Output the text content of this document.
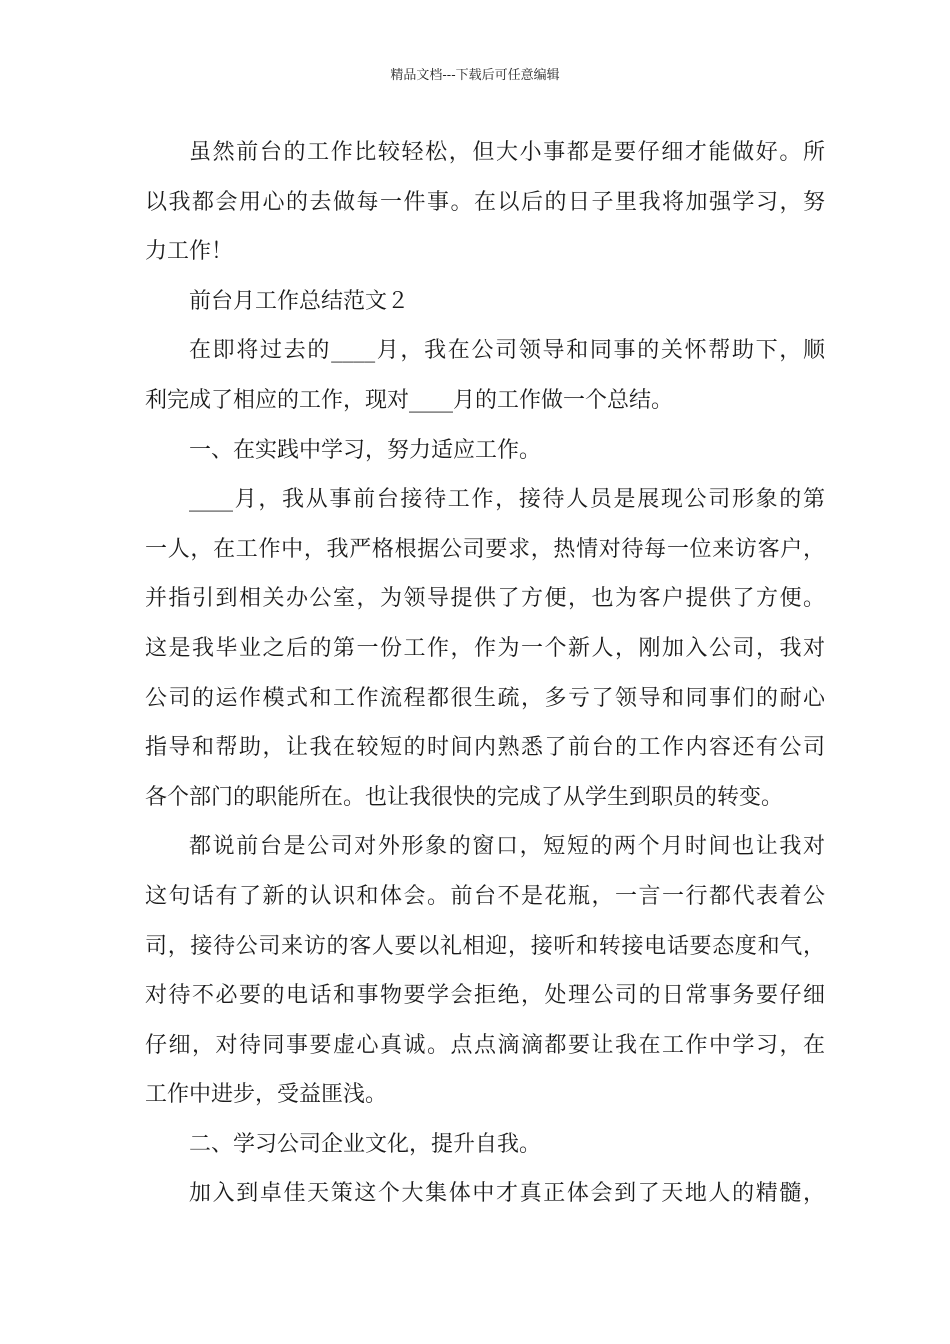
精品文档---下载后可任意编辑
虽然前台的工作比较轻松，但大小事都是要仔细才能做好。所
以我都会用心的去做每一件事。在以后的日子里我将加强学习，努
力工作！
前台月工作总结范文２
在即将过去的____月，我在公司领导和同事的关怀帮助下，顺
利完成了相应的工作，现对____月的工作做一个总结。
一、在实践中学习，努力适应工作。
____月，我从事前台接待工作，接待人员是展现公司形象的第
一人，在工作中，我严格根据公司要求，热情对待每一位来访客户，
并指引到相关办公室，为领导提供了方便，也为客户提供了方便。
这是我毕业之后的第一份工作，作为一个新人，刚加入公司，我对
公司的运作模式和工作流程都很生疏，多亏了领导和同事们的耐心
指导和帮助，让我在较短的时间内熟悉了前台的工作内容还有公司
各个部门的职能所在。也让我很快的完成了从学生到职员的转变。
都说前台是公司对外形象的窗口，短短的两个月时间也让我对
这句话有了新的认识和体会。前台不是花瓶，一言一行都代表着公
司，接待公司来访的客人要以礼相迎，接听和转接电话要态度和气，
对待不必要的电话和事物要学会拒绝，处理公司的日常事务要仔细
仔细，对待同事要虚心真诚。点点滴滴都要让我在工作中学习，在
工作中进步，受益匪浅。
二、学习公司企业文化，提升自我。
加入到卓佳天策这个大集体中才真正体会到了天地人的精髓，
